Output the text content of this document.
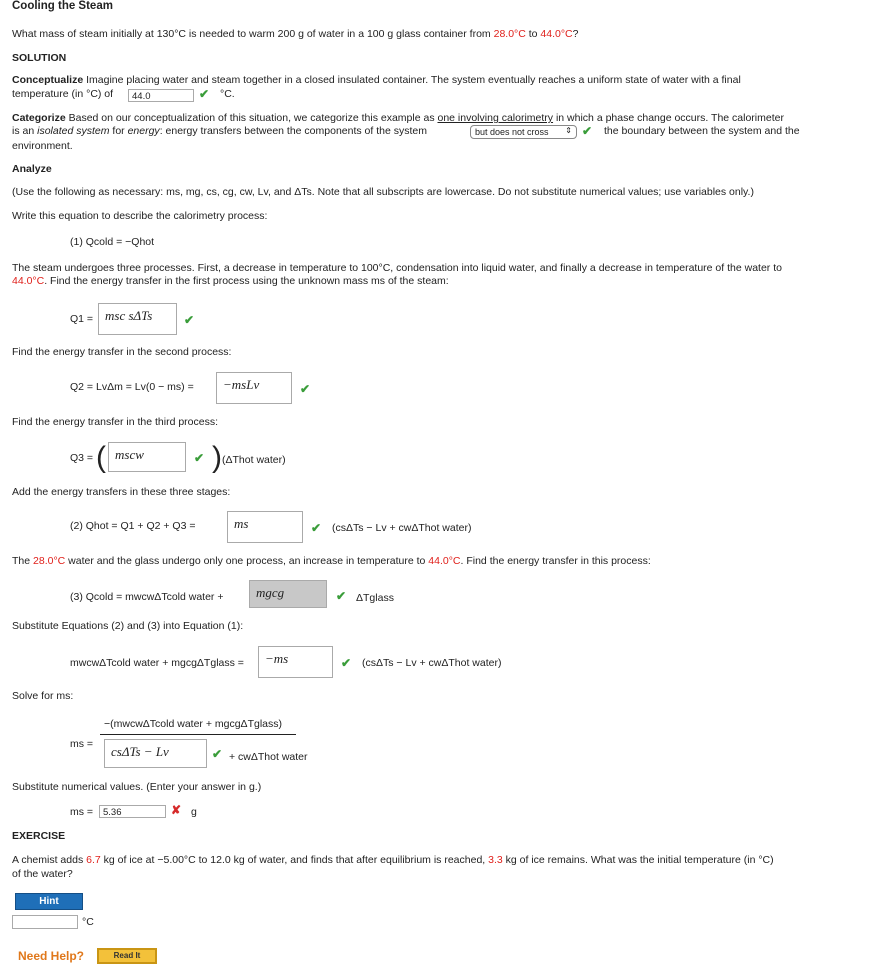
Cooling the Steam
What mass of steam initially at 130°C is needed to warm 200 g of water in a 100 g glass container from 28.0°C to 44.0°C?
SOLUTION
Conceptualize Imagine placing water and steam together in a closed insulated container. The system eventually reaches a uniform state of water with a final
temperature (in °C) of	44.0	✔ °C.
Categorize Based on our conceptualization of this situation, we categorize this example as one involving calorimetry in which a phase change occurs. The calorimeter
is an isolated system for energy: energy transfers between the components of the system	but does not cross ⇕ ✔ the boundary between the system and the
environment.
Analyze
(Use the following as necessary: ms, mg, cs, cg, cw, Lv, and ΔTs. Note that all subscripts are lowercase. Do not substitute numerical values; use variables only.)
Write this equation to describe the calorimetry process:
(1) Qcold = −Qhot
The steam undergoes three processes. First, a decrease in temperature to 100°C, condensation into liquid water, and finally a decrease in temperature of the water to
44.0°C. Find the energy transfer in the first process using the unknown mass ms of the steam:
Q1 = msc sΔTs	✔
Find the energy transfer in the second process:
Q2 = LvΔm = Lv(0 − ms) =	−msLv	✔
Find the energy transfer in the third process:
Q3 = ( mscw	✔ ) (ΔThot water)
Add the energy transfers in these three stages:
(2) Qhot = Q1 + Q2 + Q3 =	ms	✔ (csΔTs − Lv + cwΔThot water)
The 28.0°C water and the glass undergo only one process, an increase in temperature to 44.0°C. Find the energy transfer in this process:
(3) Qcold = mwcwΔTcold water +	mgcg	✔ ΔTglass
Substitute Equations (2) and (3) into Equation (1):
mwcwΔTcold water + mgcgΔTglass =	−ms	✔ (csΔTs − Lv + cwΔThot water)
Solve for ms:
−(mwcwΔTcold water + mgcgΔTglass)
ms =	csΔTs − Lv	✔ + cwΔThot water
Substitute numerical values. (Enter your answer in g.)
ms =	5.36	✘ g
EXERCISE
A chemist adds 6.7 kg of ice at −5.00°C to 12.0 kg of water, and finds that after equilibrium is reached, 3.3 kg of ice remains. What was the initial temperature (in °C)
of the water?
Hint
°C
Need Help?	Read It
